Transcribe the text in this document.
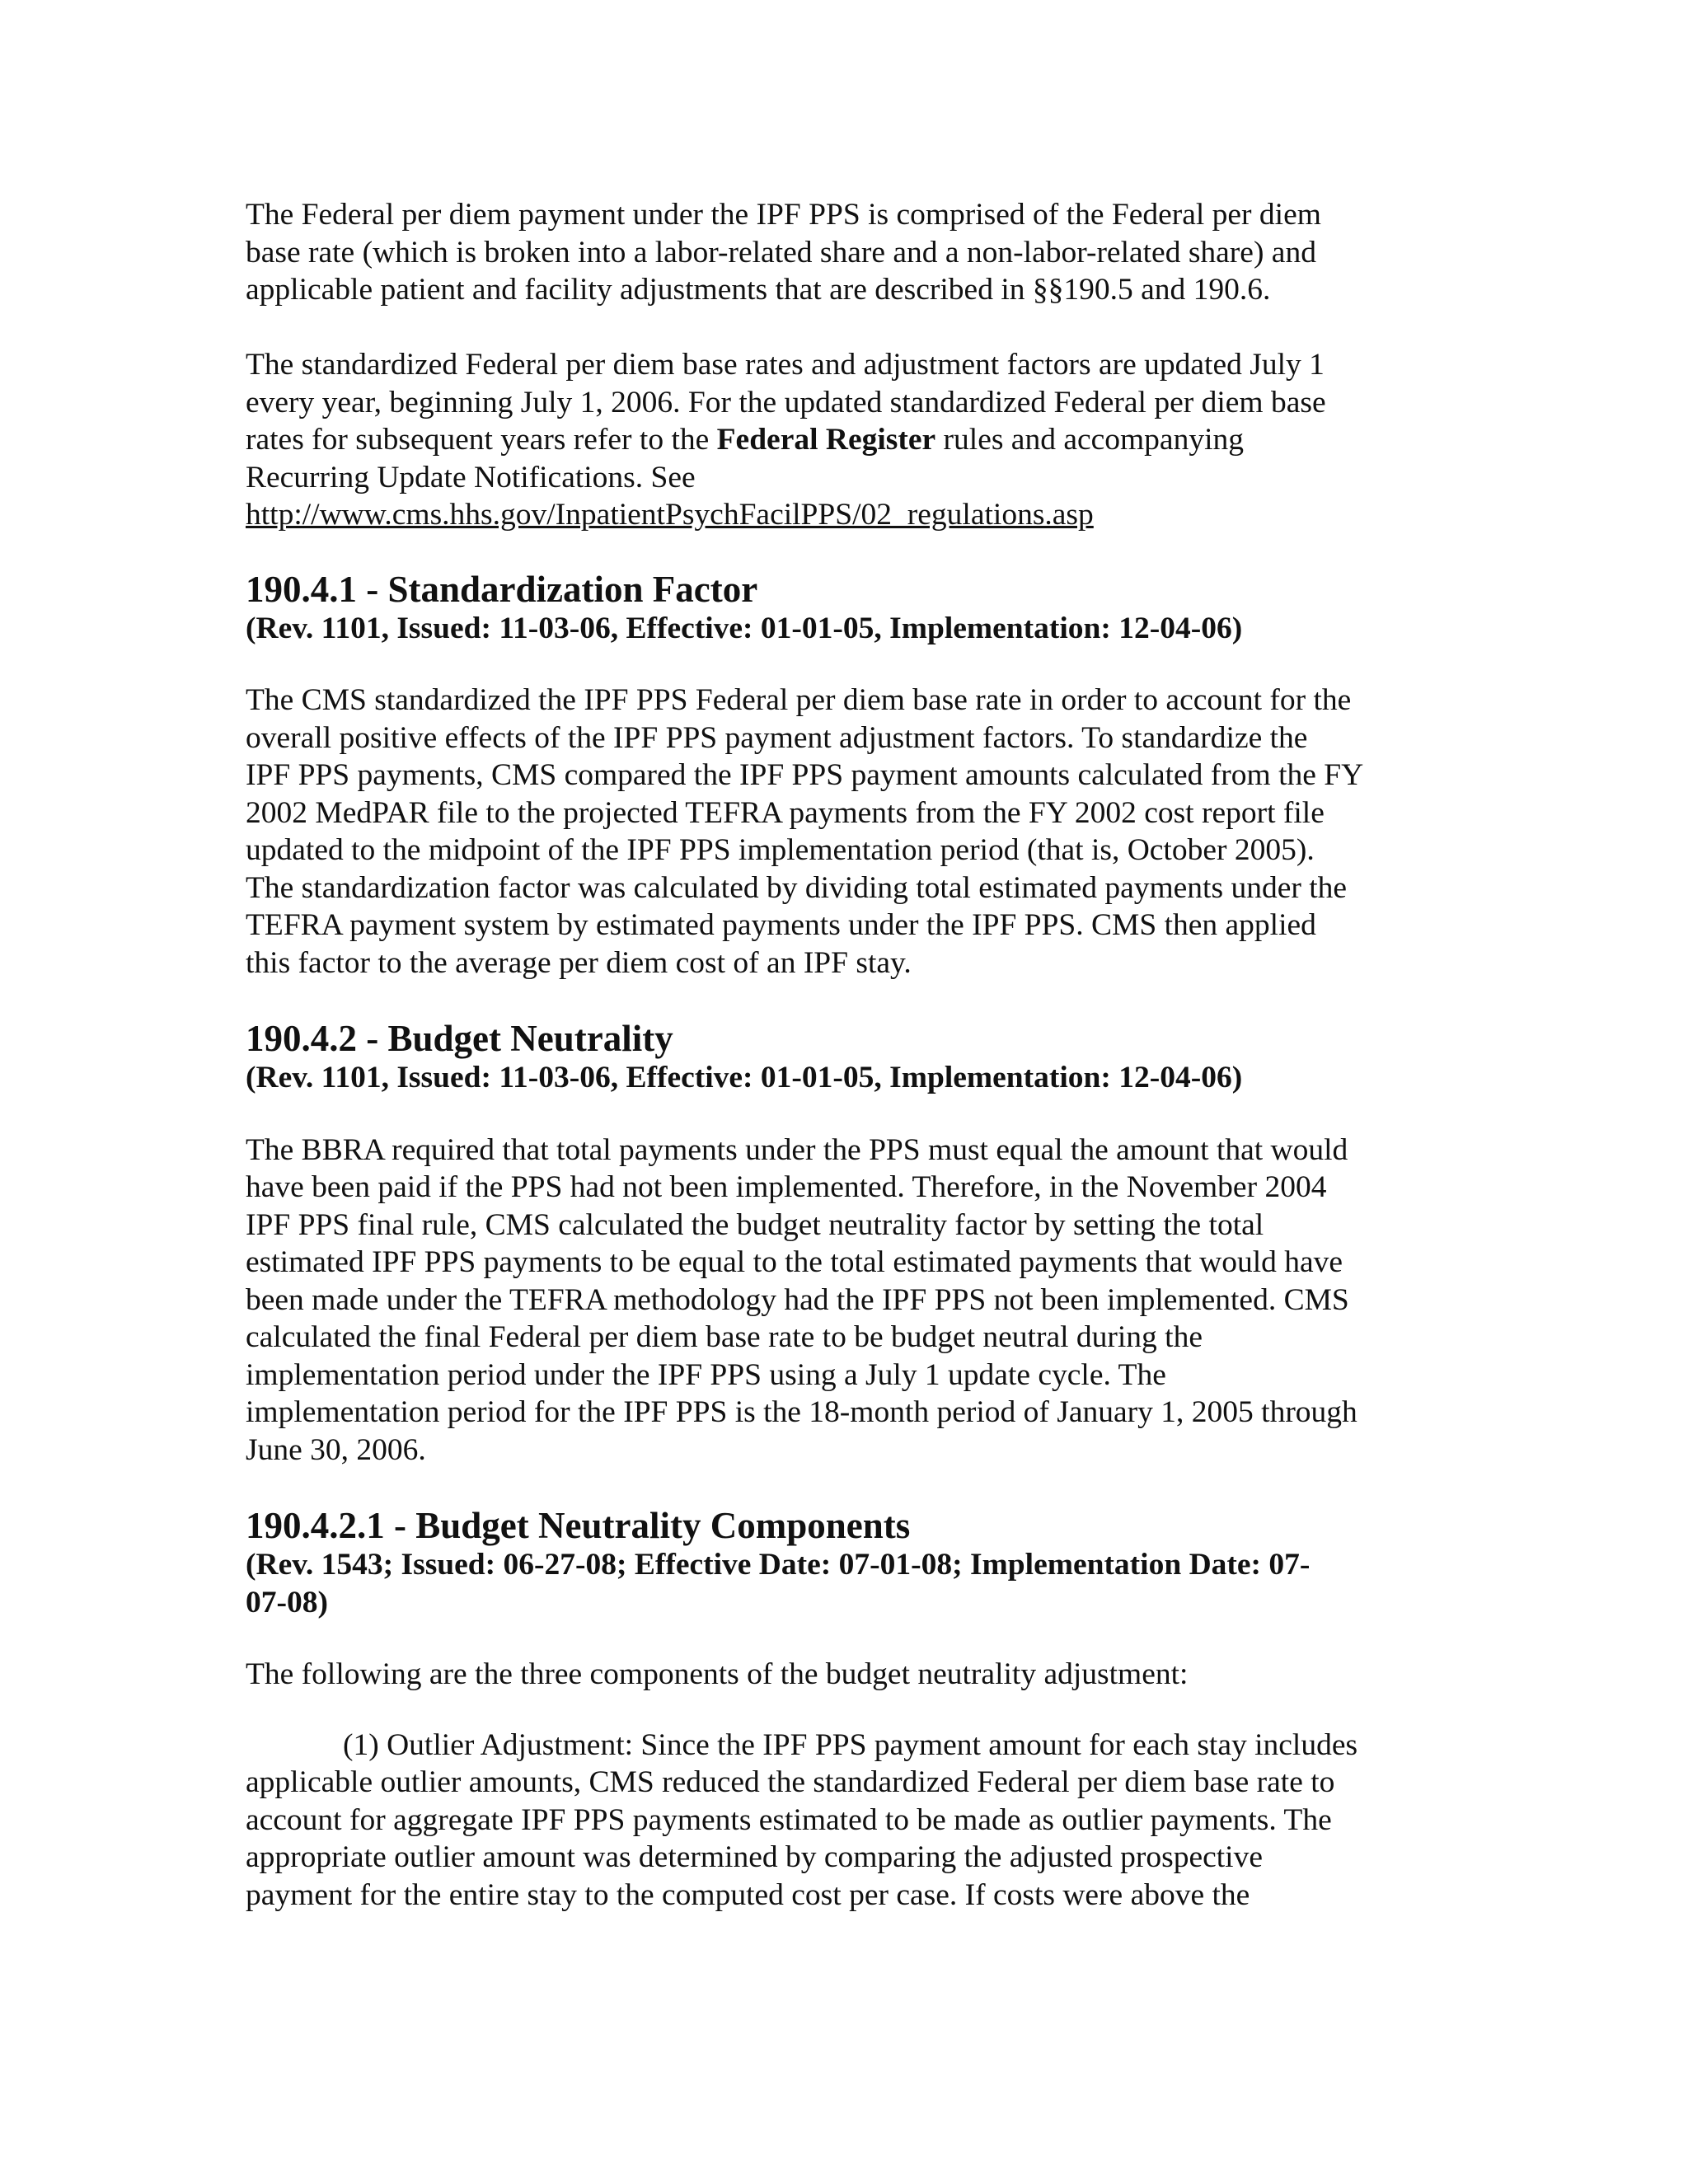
The Federal per diem payment under the IPF PPS is comprised of the Federal per diem
base rate (which is broken into a labor-related share and a non-labor-related share) and
applicable patient and facility adjustments that are described in §§190.5 and 190.6.

The standardized Federal per diem base rates and adjustment factors are updated July 1
every year, beginning July 1, 2006. For the updated standardized Federal per diem base
rates for subsequent years refer to the Federal Register rules and accompanying
Recurring Update Notifications. See
http://www.cms.hhs.gov/InpatientPsychFacilPPS/02_regulations.asp

190.4.1 - Standardization Factor
(Rev. 1101, Issued: 11-03-06, Effective: 01-01-05, Implementation: 12-04-06)

The CMS standardized the IPF PPS Federal per diem base rate in order to account for the
overall positive effects of the IPF PPS payment adjustment factors. To standardize the
IPF PPS payments, CMS compared the IPF PPS payment amounts calculated from the FY
2002 MedPAR file to the projected TEFRA payments from the FY 2002 cost report file
updated to the midpoint of the IPF PPS implementation period (that is, October 2005).
The standardization factor was calculated by dividing total estimated payments under the
TEFRA payment system by estimated payments under the IPF PPS. CMS then applied
this factor to the average per diem cost of an IPF stay.

190.4.2 - Budget Neutrality
(Rev. 1101, Issued: 11-03-06, Effective: 01-01-05, Implementation: 12-04-06)

The BBRA required that total payments under the PPS must equal the amount that would
have been paid if the PPS had not been implemented. Therefore, in the November 2004
IPF PPS final rule, CMS calculated the budget neutrality factor by setting the total
estimated IPF PPS payments to be equal to the total estimated payments that would have
been made under the TEFRA methodology had the IPF PPS not been implemented. CMS
calculated the final Federal per diem base rate to be budget neutral during the
implementation period under the IPF PPS using a July 1 update cycle. The
implementation period for the IPF PPS is the 18-month period of January 1, 2005 through
June 30, 2006.

190.4.2.1 - Budget Neutrality Components
(Rev. 1543; Issued: 06-27-08; Effective Date: 07-01-08; Implementation Date: 07-
07-08)

The following are the three components of the budget neutrality adjustment:

(1) Outlier Adjustment: Since the IPF PPS payment amount for each stay includes
applicable outlier amounts, CMS reduced the standardized Federal per diem base rate to
account for aggregate IPF PPS payments estimated to be made as outlier payments. The
appropriate outlier amount was determined by comparing the adjusted prospective
payment for the entire stay to the computed cost per case. If costs were above the
